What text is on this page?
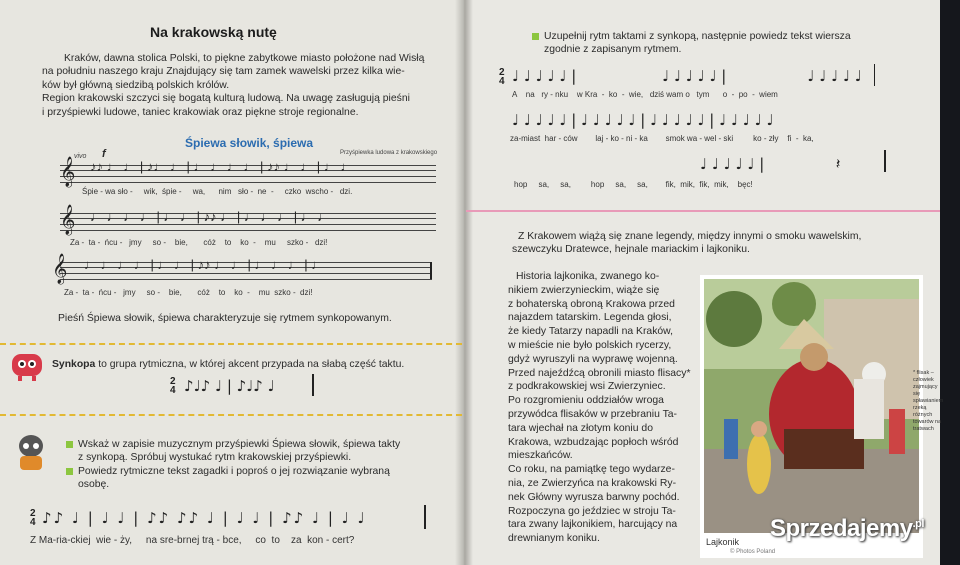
Na krakowską nutę
Kraków, dawna stolica Polski, to piękne zabytkowe miasto położone nad Wisłą
na południu naszego kraju Znajdujący się tam zamek wawelski przez kilka wie-
ków był główną siedzibą polskich królów.
Region krakowski szczyci się bogatą kulturą ludową. Na uwagę zasługują pieśni
i przyśpiewki ludowe, taniec krakowiak oraz piękne stroje regionalne.
Śpiewa słowik, śpiewa
Przyśpiewka ludowa z krakowskiego
vivo f
𝄞 ♪♪ ♩ ♩ | ♪♩ ♩ | ♩ ♩ ♩ ♩ | ♪♪ ♩ ♩ | ♩ ♩
Śpie - wa sło -     wik,  śpie -     wa,      nim   sło -  ne  -     czko  wscho -   dzi.
𝄞 ♩ ♩ ♩ ♩ | ♩ ♩ | ♪♪ ♩ | ♩ ♩ ♩ | ♩ ♩
Za -  ta -  ńcu -   jmy     so -    bie,       cóż    to    ko  -    mu     szko -   dzi!
𝄞 ♩ ♩ ♩ ♩ | ♩ ♩ | ♪♪ ♩ ♩ | ♩ ♩ ♩ | ♩
Za -  ta -  ńcu -   jmy     so -    bie,       cóż    to    ko  -    mu  szko -  dzi!
Pieśń Śpiewa słowik, śpiewa charakteryzuje się rytmem synkopowanym.
Synkopa to grupa rytmiczna, w której akcent przypada na słabą część taktu.
2
4 ♪♩♪ ♩ | ♪♩♪ ♩
Wskaż w zapisie muzycznym przyśpiewki Śpiewa słowik, śpiewa takty
z synkopą. Spróbuj wystukać rytm krakowskiej przyśpiewki.
Powiedz rytmiczne tekst zagadki i poproś o jej rozwiązanie wybraną
osobę.
2
4 ♪♪ ♩ | ♩ ♩ | ♪♪ ♪♪ ♩ | ♩ ♩ | ♪♪ ♩ | ♩ ♩
Z Ma-ria-ckiej  wie - ży,     na sre-brnej trą - bce,     co  to    za  kon - cert?
Uzupełnij rytm taktami z synkopą, następnie powiedz tekst wiersza
zgodnie z zapisanym rytmem.
2
4 ♩ ♩ ♩ ♩ ♩ |                  ♩ ♩ ♩ ♩ ♩ |                 ♩ ♩ ♩ ♩ ♩
A    na   ry - nku    w Kra  -  ko  -  wie,   dziś wam o   tym      o  -  po  -  wiem
♩ ♩ ♩ ♩ ♩ | ♩ ♩ ♩ ♩ ♩ | ♩ ♩ ♩ ♩ ♩ | ♩ ♩ ♩ ♩ ♩
za-miast  har - ców        laj - ko - ni - ka        smok wa - wel - ski         ko - zły    fi  -  ka,
♩ ♩ ♩ ♩ ♩ |               𝄽
hop     sa,     sa,         hop     sa,     sa,        fik,  mik,  fik,  mik,    bęc!
Z Krakowem wiążą się znane legendy, między innymi o smoku wawelskim,
szewczyku Dratewce, hejnale mariackim i lajkoniku.
Historia lajkonika, zwanego ko-
nikiem zwierzynieckim, wiąże się
z bohaterską obroną Krakowa przed
najazdem tatarskim. Legenda głosi,
że kiedy Tatarzy napadli na Kraków,
w mieście nie było polskich rycerzy,
gdyż wyruszyli na wyprawę wojenną.
Przed najeźdźcą obronili miasto flisacy*
z podkrakowskiej wsi Zwierzyniec.
Po rozgromieniu oddziałów wroga
przywódca flisaków w przebraniu Ta-
tara wjechał na złotym koniu do
Krakowa, wzbudzając popłoch wśród
mieszkańców.
Co roku, na pamiątkę tego wydarze-
nia, ze Zwierzyńca na krakowski Ry-
nek Główny wyrusza barwny pochód.
Rozpoczyna go jeździec w stroju Ta-
tara zwany lajkonikiem, harcujący na
drewnianym koniku.	Lajkonik
© Photos Poland
* flisak – człowiek zajmujący się spławianiem rzeką różnych towarów na tratwach
Sprzedajemy$^{.pl}$
